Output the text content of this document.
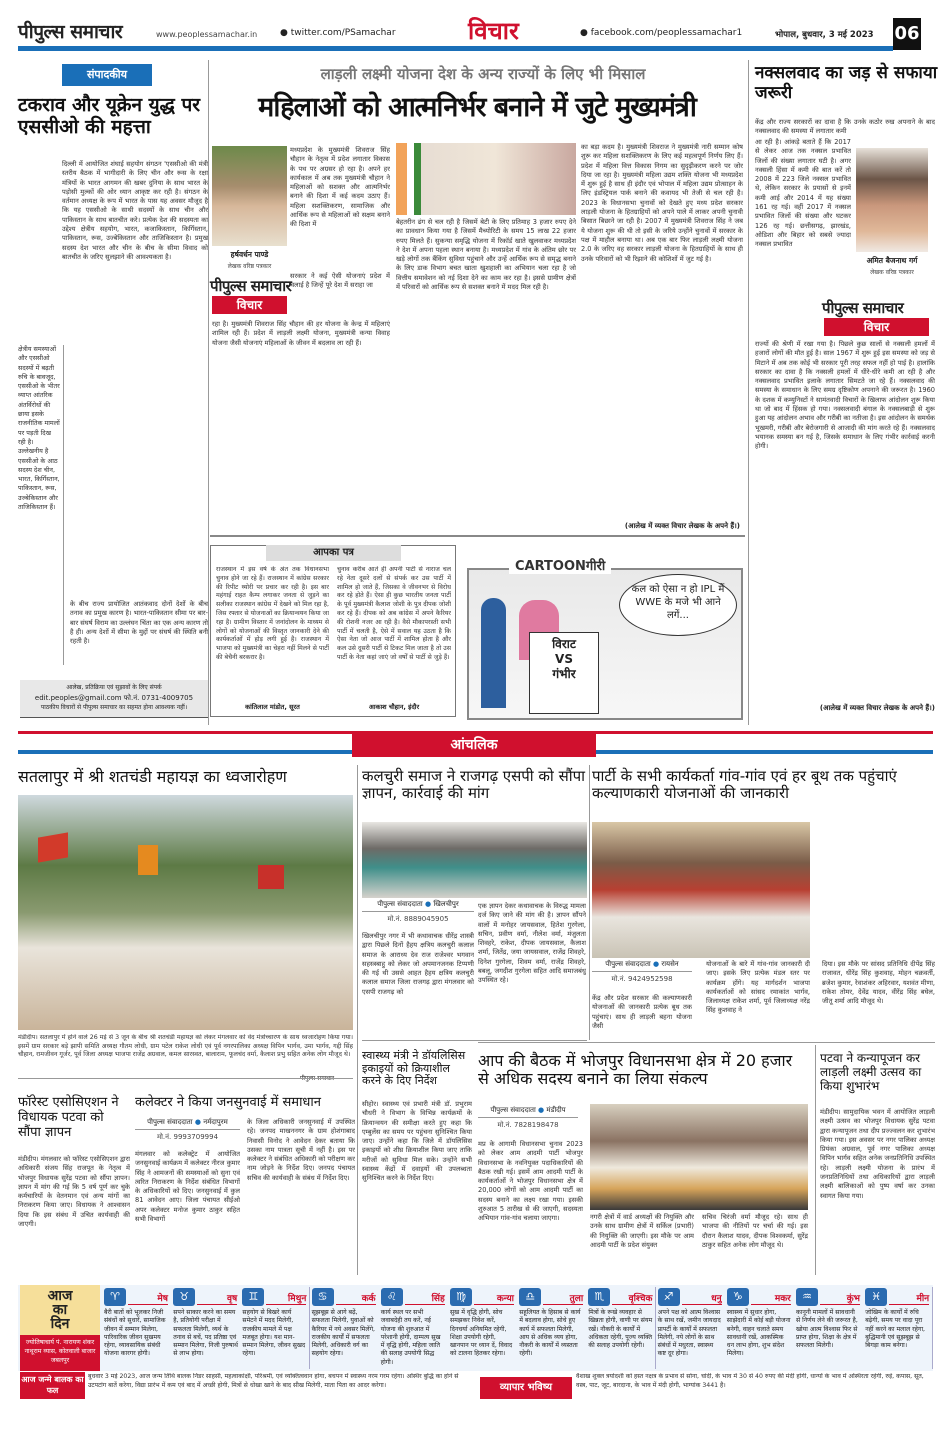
पीपुल्स समाचार	www.peoplessamachar.in	● twitter.com/PSamachar	विचार	● facebook.com/peoplessamachar1	भोपाल, बुधवार, 3 मई 2023 06
संपादकीय
टकराव और यूक्रेन युद्ध पर एससीओ की महत्ता
दिल्ली में आयोजित शंघाई सहयोग संगठन 'एससीओ की मंत्री स्तरीय बैठक में भागीदारी के लिए चीन और रूस के रक्षा मंत्रियों के भारत आगमन की खबर दुनिया के साथ भारत के पड़ोसी मुल्कों की ओर ध्यान आकृष्ट कर रही है। संगठन के वर्तमान अध्यक्ष के रूप में भारत के पास यह अवसर मौजूद है कि यह एससीओ के साथी सदस्यों के साथ चीन और पाकिस्तान के साथ बातचीत करे। प्रत्येक देश की सदस्यता का उद्देश्य क्षेत्रीय सहयोग, भारत, कजाकिस्तान, किर्गिस्तान, पाकिस्तान, रूस, उज्बेकिस्तान और ताजिकिस्तान है। प्रमुख सदस्य देश भारत और चीन के बीच के सीमा विवाद को बातचीत के जरिए सुलझाने की आवश्यकता है।
क्षेत्रीय समस्याओं और एससीओ सदस्यों में बढ़ती रुचि के बावजूद, एससीओ के भीतर व्याप्त आंतरिक अंतर्विरोधों की छाया इसके राजनीतिक मामलों पर पड़ती दिख रही है। उल्लेखनीय है एससीओ के आठ सदस्य देश चीन, भारत, किर्गिस्तान, पाकिस्तान, रूस, उज्बेकिस्तान और ताजिकिस्तान हैं।
के बीच राज्य प्रायोजित आतंकवाद दोनों देशों के बीच तनाव का प्रमुख कारण है। भारत-पाकिस्तान सीमा पर बार-बार संघर्ष विराम का उल्लंघन चिंता का एक अन्य कारण तो है ही। अन्य देशों में सीमा के मुद्दों पर संघर्ष की स्थिति बनी रहती है।
आलेख, प्रतिक्रिया एवं सुझावों के लिए संपर्क
edit.peoples@gmail.com फो.नं. 0731-4009705
पाठकीय विचारों से पीपुल्स समाचार का सहमत होना आवश्यक नहीं।
लाड़ली लक्ष्मी योजना देश के अन्य राज्यों के लिए भी मिसाल
महिलाओं को आत्मनिर्भर बनाने में जुटे मुख्यमंत्री
हर्षवर्धन पाण्डे
लेखक वरिष्ठ पत्रकार
पीपुल्स समाचार
विचार
मध्यप्रदेश के मुख्यमंत्री शिवराज सिंह चौहान के नेतृत्व में प्रदेश लगातार विकास के पथ पर अग्रसर हो रहा है। अपने हर कार्यकाल में अब तक मुख्यमंत्री चौहान ने महिलाओं को सशक्त और आत्मनिर्भर बनाने की दिशा में कई कदम उठाए हैं। महिला सशक्तिकरण, सामाजिक और आर्थिक रूप से महिलाओं को सक्षम बनाने की दिशा में
सरकार ने कई ऐसी योजनाएं प्रदेश में चलाई है जिन्हें पूरे देश में सराहा जा
रहा है। मुख्यमंत्री शिवराज सिंह चौहान की हर योजना के केन्द्र में महिलाएं शामिल रही हैं। प्रदेश में लाड़ली लक्ष्मी योजना, मुख्यमंत्री कन्या विवाह योजना जैसी योजनाएं महिलाओं के जीवन में बदलाव ला रही हैं।
बेहतरीन ढंग से चल रही है जिसमें बेटी के लिए प्रतिमाह 3 हजार रुपए देने का प्रावधान किया गया है जिसमें मैच्योरिटी के समय 15 लाख 22 हजार रुपए मिलते हैं। सुकन्या समृद्धि योजना में रिकॉर्ड खाते खुलवाकर मध्यप्रदेश ने देश में अपना पहला स्थान बनाया है। मध्यप्रदेश में गांव के अंतिम छोर पर खड़े लोगों तक बैंकिंग सुविधा पहुंचाने और उन्हें आर्थिक रूप से समृद्ध बनाने के लिए डाक विभाग बचत खाता खुशहाली का अभियान चला रहा है जो वित्तीय समावेशन को नई दिशा देने का काम कर रहा है। इससे ग्रामीण क्षेत्रों में परिवारों को आर्थिक रूप से सशक्त बनाने में मदद मिल रही है।
का बड़ा कदम है। मुख्यमंत्री शिवराज ने मुख्यमंत्री नारी सम्मान कोष शुरू कर महिला सशक्तिकरण के लिए कई महत्वपूर्ण निर्णय लिए हैं। प्रदेश में महिला वित्त विकास निगम का सुदृढ़ीकरण करने पर जोर दिया जा रहा है। मुख्यमंत्री महिला उद्यम शक्ति योजना भी मध्यप्रदेश में शुरू हुई है साथ ही इंदौर एवं भोपाल में महिला उद्यम प्रोत्साहन के लिए इंडस्ट्रियल पार्क बनाने की कवायद भी तेजी से चल रही है। 2023 के विधानसभा चुनावों को देखते हुए मध्य प्रदेश सरकार लाड़ली योजना के हितग्राहियों को अपने पाले में लाकर अपनी चुनावी बिसात बिछाने जा रही है। 2007 में मुख्यमंत्री शिवराज सिंह ने जब ये योजना शुरू की थी तो इसी के जरिये उन्होंने चुनावों में सरकार के पक्ष में माहौल बनाया था। अब एक बार फिर लाड़ली लक्ष्मी योजना 2.0 के जरिए वह सरकार लाड़ली योजना के हितग्राहियों के साथ ही उनके परिवारों को भी रिझाने की कोशिशों में जुट गई है।
(आलेख में व्यक्त विचार लेखक के अपने हैं।)
आपका पत्र
राजस्थान में इस वर्ष के अंत तक विधानसभा चुनाव होने जा रहे हैं। राजस्थान में कांग्रेस सरकार की रिपीट थ्योरी पर प्रचार कर रही है। इस बार महंगाई राहत कैम्प लगाकर जनता से जुड़ने का सलीका राजस्थान कांग्रेस में देखने को मिल रहा है, जिस रफ्तार से योजनाओं का क्रियान्वयन किया जा रहा है। ग्रामीण विस्तार में जनांदोलन के माध्यम से लोगों को योजनाओं की विस्तृत जानकारी देने की कार्यकर्ताओं में होड़ लगी हुई है। राजस्थान में भाजपा को मुख्यमंत्री का चेहरा नहीं मिलने से पार्टी की बेचैनी बरकरार है।
कांतिलाल मांडोत, सूरत
चुनाव करीब आते ही अपनी पार्टी से नाराज चल रहे नेता दूसरे दलों से संपर्क कर उस पार्टी में शामिल हो जाते हैं, जिसका वे जीवनभर से विरोध कर रहे होते हैं। ऐसा ही कुछ भारतीय जनता पार्टी के पूर्व मुख्यमंत्री कैलाश जोशी के पुत्र दीपक जोशी कर रहे हैं। दीपक को अब कांग्रेस में अपने कैरियर की रोशनी नजर आ रही है। वैसे मौकापरस्ती सभी पार्टी में चलती है, ऐसे में सवाल यह उठता है कि ऐसा नेता जो आज पार्टी में शामिल होता है और कल उसे दूसरी पार्टी से टिकट मिल जाता है तो उस पार्टी के नेता कहां जाएं जो वर्षों से पार्टी से जुड़े हैं।
आकाश चौहान, इंदौर
CARTOONगीरी
विराट
VS
गंभीर
कल को ऐसा न हो IPL में WWE के मजे भी आने लगें...
नक्सलवाद का जड़ से सफाया जरूरी
केंद्र और राज्य सरकारों का दावा है कि उनके कठोर रुख अपनाने के बाद नक्सलवाद की समस्या में लगातार कमी
आ रही है। आंकड़े बताते हैं कि 2017 से लेकर आज तक नक्सल प्रभावित जिलों की संख्या लगातार घटी है। अगर नक्सली हिंसा में कमी की बात करें तो 2008 में 223 जिले नक्सल प्रभावित थे, लेकिन सरकार के प्रयासों से इनमें कमी आई और 2014 में यह संख्या 161 रह गई। वहीं 2017 में नक्सल प्रभावित जिलों की संख्या और घटकर 126 रह गई। छत्तीसगढ़, झारखंड, ओडिशा और बिहार को सबसे ज्यादा नक्सल प्रभावित
अमित बैजनाथ गर्ग
लेखक वरिष्ठ पत्रकार
पीपुल्स समाचार
विचार
राज्यों की श्रेणी में रखा गया है। पिछले कुछ सालों से नक्सली हमलों में हजारों लोगों की मौत हुई है। साल 1967 में शुरू हुई इस समस्या को जड़ से मिटाने में अब तक कोई भी सरकार पूरी तरह सफल नहीं हो पाई है। हालांकि सरकार का दावा है कि नक्सली हमलों में धीरे-धीरे कमी आ रही है और नक्सलवाद प्रभावित इलाके लगातार सिमटते जा रहे हैं। नक्सलवाद की समस्या के समाधान के लिए समग्र दृष्टिकोण अपनाने की जरूरत है। 1960 के दशक में कम्युनिस्टों ने सामंतवादी विचारों के खिलाफ आंदोलन शुरू किया था जो बाद में हिंसक हो गया। नक्सलवादी बंगाल के नक्सलबाड़ी से शुरू हुआ यह आंदोलन अभाव और गरीबी का नतीजा है। इस आंदोलन के समर्थक भूखमरी, गरीबी और बेरोजगारी से आजादी की मांग करते रहे हैं। नक्सलवाद भयानक समस्या बन गई है, जिसके समाधान के लिए गंभीर कार्रवाई करनी होगी।
(आलेख में व्यक्त विचार लेखक के अपने हैं।)
आंचलिक
सतलापुर में श्री शतचंडी महायज्ञ का ध्वजारोहण
मंडीदीप। सतलापुर में होने वाले 26 मई से 3 जून के बीच श्री शतचंडी महायज्ञ को लेकर मंगलवार को वेद मंत्रोच्चारण के साथ ध्वजारोहण किया गया। इसमें ग्राम सरकार बड़े झापी समिति अध्यक्ष गौतम लोधी, ग्राम पटेल राकेश लोधी एवं पूर्व नगरपालिका अध्यक्ष विपिन भार्गव, उमा भार्गव, गद्दी सिंह चौहान, रामजीवन गूर्जर, पूर्व जिला अध्यक्ष भाजपा राजेंद्र अग्रवाल, कमल सारस्वत, बालाराम, फूलचंद वर्मा, कैलाश प्रभु सहित अनेक लोग मौजूद थे।
फॉरेस्ट एसोसिएशन ने विधायक पटवा को सौंपा ज्ञापन
मंडीदीप। मंगलवार को फॉरेस्ट एसोसिएशन द्वारा अधिकारी संजय सिंह राजपूत के नेतृत्व में भोजपुर विधायक सुरेंद्र पटवा को सौंपा ज्ञापन। ज्ञापन में मांग की गई कि 5 वर्ष पूर्ण कर चुके कर्मचारियों के वेतनमान एवं अन्य मांगों का निराकरण किया जाए। विधायक ने आश्वासन दिया कि इस संबंध में उचित कार्यवाही की जाएगी।
कलेक्टर ने किया जनसुनवाई में समाधान
पीपुल्स संवाददाता ● नर्मदापुरम
मो.नं. 9993709994
मंगलवार को कलेक्ट्रेट में आयोजित जनसुनवाई कार्यक्रम में कलेक्टर नीरज कुमार सिंह ने आमजनों की समस्याओं को सुना एवं त्वरित निराकरण के निर्देश संबंधित विभागों के अधिकारियों को दिए। जनसुनवाई में कुल 81 आवेदन आए। जिला पंचायत सीईओ अपर कलेक्टर मनोज कुमार ठाकुर सहित सभी विभागों
के जिला अधिकारी जनसुनवाई में उपस्थित रहे। जनपद माखननगर के ग्राम होशंगाबाद निवासी विनोद ने आवेदन देकर बताया कि उसका नाम पात्रता सूची में नहीं है। इस पर कलेक्टर ने संबंधित अधिकारी को परीक्षण कर नाम जोड़ने के निर्देश दिए। जनपद पंचायत सचिव की कार्यवाही के संबंध में निर्देश दिए।
कलचुरी समाज ने राजगढ़ एसपी को सौंपा ज्ञापन, कार्रवाई की मांग
पीपुल्स संवाददाता ● खिलचीपुर
मो.नं. 8889045905
खिलचीपुर नगर में भी कथावाचक धीरेंद्र शास्त्री द्वारा पिछले दिनों हैहय क्षत्रिय कलचुरी कलाल समाज के आराध्य देव राज राजेश्वर भगवान सहस्त्रबाहु को लेकर जो अपमानजनक टिप्पणी की गई थी उससे आहत हैहय क्षत्रिय कलचुरी कलाल समाज जिला राजगढ़ द्वारा मंगलवार को एसपी राजगढ़ को
एक ज्ञापन देकर कथावाचक के विरुद्ध मामला दर्ज किए जाने की मांग की है। ज्ञापन सौंपने वालों में मनोहर जायसवाल, हितेश गुरगेला, सचिन, प्रवीण वर्मा, नीलेश वर्मा, मंजुलता शिवहरे, राकेश, दीपक जायसवाल, कैलाश शर्मा, जितेंद्र, जया जायसवाल, राजेंद्र शिवहरे, दिनेश गुरगेला, शिवम वर्मा, राजेंद्र शिवहरे, बबलू, जगदीश गुरगेला सहित आदि समाजबंधु उपस्थित रहे।
स्वास्थ्य मंत्री ने डॉयलिसिस इकाइयों को क्रियाशील करने के दिए निर्देश
सीहोर। स्वास्थ्य एवं प्रभारी मंत्री डॉ. प्रभुराम चौधरी ने विभाग के विभिन्न कार्यक्रमों के क्रियान्वयन की समीक्षा करते हुए कहा कि एम्बुलेंस का समय पर पहुंचना सुनिश्चित किया जाए। उन्होंने कहा कि जिले में डॉयलिसिस इकाइयों को शीघ्र क्रियाशील किया जाए ताकि मरीजों को सुविधा मिल सके। उन्होंने सभी स्वास्थ्य केंद्रों में दवाइयों की उपलब्धता सुनिश्चित करने के निर्देश दिए।
पार्टी के सभी कार्यकर्ता गांव-गांव एवं हर बूथ तक पहुंचाएं कल्याणकारी योजनाओं की जानकारी
पीपुल्स संवाददाता ● रायसेन
मो.नं. 9424952598
केंद्र और प्रदेश सरकार की कल्याणकारी योजनाओं की जानकारी प्रत्येक बूथ तक पहुंचाएं। साथ ही लाड़ली बहना योजना जैसी
योजनाओं के बारे में गांव-गांव जानकारी दी जाए। इसके लिए प्रत्येक मंडल स्तर पर कार्यक्रम होंगे। यह मार्गदर्शन भाजपा कार्यकर्ताओं को सांसद रमाकांत भार्गव, जिलाध्यक्ष राकेश शर्मा, पूर्व जिलाध्यक्ष नरेंद्र सिंह कुशवाह ने
दिया। इस मौके पर सांसद प्रतिनिधि दीपेंद्र सिंह राजावत, धीरेंद्र सिंह कुशवाह, मोहन चक्रवर्ती, ब्रजेश कुमार, रेवाशंकर अहिरवार, यशवंत मीणा, राकेश तोमर, देवेंद्र यादव, वीरेंद्र सिंह बघेल, जीतू शर्मा आदि मौजूद थे।
आप की बैठक में भोजपुर विधानसभा क्षेत्र में 20 हजार से अधिक सदस्य बनाने का लिया संकल्प
पीपुल्स संवाददाता ● मंडीदीप
मो.नं. 7828198478
मप्र के आगामी विधानसभा चुनाव 2023 को लेकर आम आदमी पार्टी भोजपुर विधानसभा के नवनियुक्त पदाधिकारियों की बैठक रखी गई। इसमें आम आदमी पार्टी के कार्यकर्ताओं ने भोजपुर विधानसभा क्षेत्र में 20,000 लोगों को आम आदमी पार्टी का सदस्य बनाने का लक्ष्य रखा गया। इसकी शुरुआत 5 तारीख से की जाएगी, सदस्यता अभियान गांव-गांव चलाया जाएगा।	नगरी क्षेत्रों में वार्ड अध्यक्षों की नियुक्ति और उनके साथ ग्रामीण क्षेत्रों में सर्किल (प्रभारी) की नियुक्ति की जाएगी। इस मौके पर आम आदमी पार्टी के प्रदेश संयुक्त
सचिव चिरंजी वर्मा मौजूद रहे। साथ ही भाजपा की नीतियों पर चर्चा की गई। इस दौरान कैलाश यादव, दीपक विश्वकर्मा, सुरेंद्र ठाकुर सहित अनेक लोग मौजूद थे।
पटवा ने कन्यापूजन कर लाड़ली लक्ष्मी उत्सव का किया शुभारंभ
मंडीदीप। सामुदायिक भवन में आयोजित लाड़ली लक्ष्मी उत्सव का भोजपुर विधायक सुरेंद्र पटवा द्वारा कन्यापूजन तथा दीप प्रज्ज्वलन कर शुभारंभ किया गया। इस अवसर पर नगर पालिका अध्यक्ष प्रियंका अग्रवाल, पूर्व नगर पालिका अध्यक्ष विपिन भार्गव सहित अनेक जनप्रतिनिधि उपस्थित रहे। लाड़ली लक्ष्मी योजना के प्रारंभ में जनप्रतिनिधियों तथा अधिकारियों द्वारा लाड़ली लक्ष्मी बालिकाओं को पुष्प वर्षा कर उनका स्वागत किया गया।
आज
का
दिन
ज्योतिषाचार्य पं. नारायण शंकर नाथूराम व्यास, कोतवाली बाजार जबलपुर
♈	मेष
बैरी बातों को भूलकर निजी संबंधों को सुधारें, सामाजिक जीवन में सम्मान मिलेगा, पारिवारिक जीवन सुखमय रहेगा, व्यावसायिक संबंधी योजना कारगर होगी।
♉	वृष
सपने साकार करने का समय है, प्रतियोगी परीक्षा में सफलता मिलेगी, व्यर्थ के तनाव से बचें, पद प्रतिष्ठा एवं सम्मान मिलेगा, निजी पुरुषार्थ से लाभ होगा।
♊	मिथुन
सहयोग से बिखरे कार्य समेटने में मदद मिलेगी, राजकीय मामले में पक्ष मजबूत होगा। यश मान-सम्मान मिलेगा, जीवन सुखद रहेगा।
♋	कर्क
सूझबूझ से आगे बढ़ें, सफलता मिलेगी, युवाओं को कैरियर में नये अवसर मिलेंगे, राजकीय कार्यों में सफलता मिलेगी, अधिकारी वर्ग का सहयोग रहेगा।
♌	सिंह
कार्य स्थल पर सभी जवाबदेही तय करें, नई योजना की शुरुआत में परेशानी होगी, दाम्पत्य सुख में वृद्धि होगी, महिला जाति की सलाह उपयोगी सिद्ध होगी।
♍	कन्या
सुख में वृद्धि होगी, सोच समझकर निवेश करें, दिनचर्या अनियमित रहेगी, शिक्षा उपयोगी रहेगी, खानपान पर ध्यान दें, विवाद को टालना हितकर रहेगा।
♎	तुला
सहूलियत के हिसाब से कार्य में बदलाव होगा, सोचे हुए कार्य में सफलता मिलेगी, आय से अधिक व्यय होगा, नौकरी के कार्यों में व्यस्तता रहेगी।
♏	वृश्चिक
मित्रों के रूखे व्यवहार से खिन्नता होगी, वाणी पर संयम रखें। नौकरी के कार्यों में अधिकता रहेगी, पूज्य व्यक्ति की सलाह उपयोगी रहेगी।
♐	धनु
अपने पक्ष को आत्म विश्वास के साथ रखें, जमीन जायदाद प्रापर्टी के कार्यों में सफलता मिलेगी, नये लोगों के साथ संबंधों में मधुरता, स्वास्थ्य कष्ट दूर होगा।
♑	मकर
स्वास्थ्य में सुधार होगा, साझेदारी में कोई बड़ी योजना बनेगी, वाहन चलाते समय सावधानी रखें, आकस्मिक धन लाभ होगा, शुभ संदेश मिलेगा।
♒	कुंभ
कानूनी मामलों में सावधानी से निर्णय लेने की जरूरत है, खोया आत्म विश्वास फिर से प्राप्त होगा, शिक्षा के क्षेत्र में सफलता मिलेगी।
♓	मीन
जोखिम के कार्यों में रुचि बढ़ेगी, समय पर वादा पूरा नहीं करने का मलाल रहेगा, बुद्धिमानी एवं सूझबूझ से बिगड़ा काम बनेगा।
आज जन्मे बालक का फल
बुधवार 3 मई 2023, आज जन्म तिथि बालक निडर साहसी, महत्वाकांक्षी, परिश्रमी, एवं व्यक्तित्ववान होगा, बचपन में स्वास्थ्य नरम गरम रहेगा। अस्थिर बुद्धि का होने से उटपटांग बातें करेगा, विद्या प्रारंभ में कम एवं बाद में अच्छी होगी, मित्रों से धोखा खाने के बाद सीख मिलेगी, माता पिता का आदर करेगा।	व्यापार भविष्य
वैशाख शुक्ल त्रयोदशी को हस्त नक्षत्र के प्रभाव से सोना, चांदी, के भाव में 30 से 40 रुपए की मंदी होगी, धान्यों के भाव में अस्थिरता रहेगी, रुई, कपास, सूत, वस्त्र, पाट, जूट, बारदाना, के भाव में मंदी होगी, भाग्यांक 3441 है।
